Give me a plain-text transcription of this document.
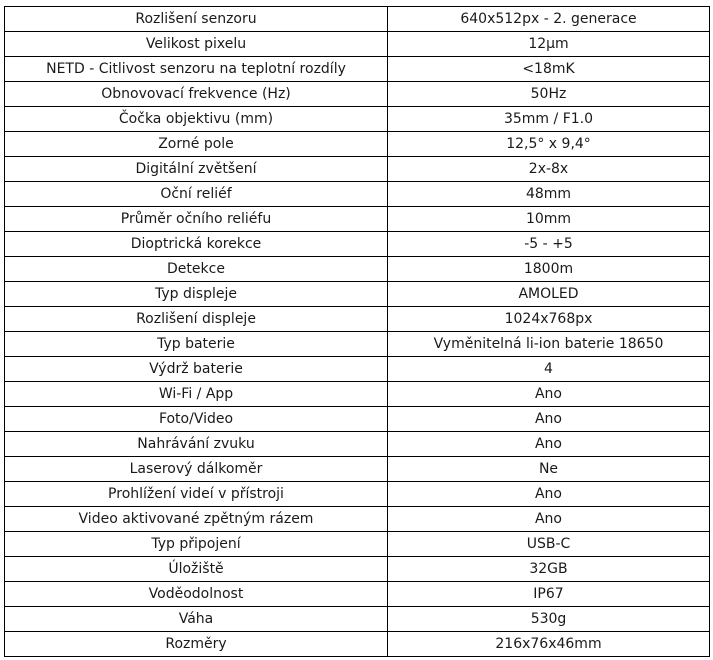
Rozlišení senzoru	640x512px - 2. generace
Velikost pixelu	12μm
NETD - Citlivost senzoru na teplotní rozdíly	<18mK
Obnovovací frekvence (Hz)	50Hz
Čočka objektivu (mm)	35mm / F1.0
Zorné pole	12,5° x 9,4°
Digitální zvětšení	2x-8x
Oční reliéf	48mm
Průměr očního reliéfu	10mm
Dioptrická korekce	-5 - +5
Detekce	1800m
Typ displeje	AMOLED
Rozlišení displeje	1024x768px
Typ baterie	Vyměnitelná li-ion baterie 18650
Výdrž baterie	4
Wi-Fi / App	Ano
Foto/Video	Ano
Nahrávání zvuku	Ano
Laserový dálkoměr	Ne
Prohlížení videí v přístroji	Ano
Video aktivované zpětným rázem	Ano
Typ připojení	USB-C
Úložiště	32GB
Voděodolnost	IP67
Váha	530g
Rozměry	216x76x46mm
